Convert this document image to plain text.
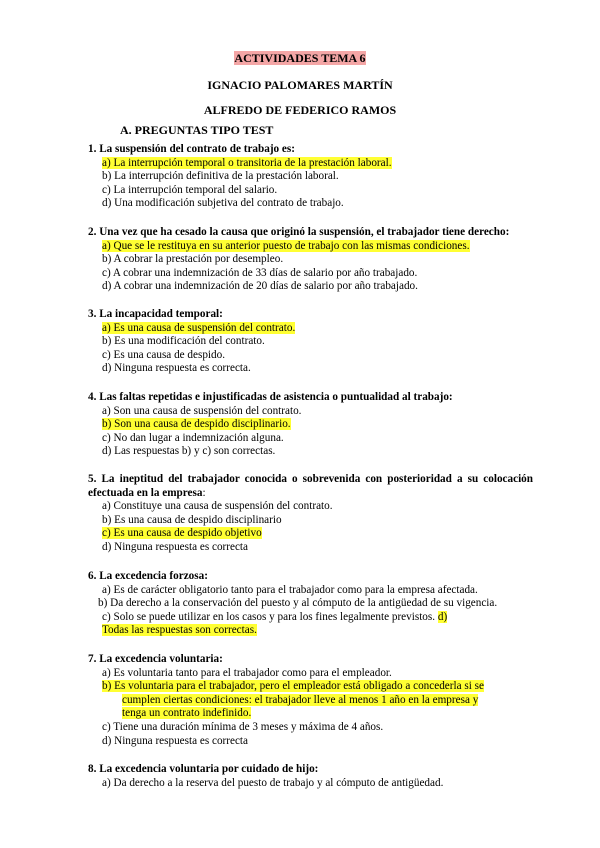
ACTIVIDADES TEMA 6
IGNACIO PALOMARES MARTÍN
ALFREDO DE FEDERICO RAMOS
A. PREGUNTAS TIPO TEST
1. La suspensión del contrato de trabajo es:
a) La interrupción temporal o transitoria de la prestación laboral.
b) La interrupción definitiva de la prestación laboral.
c) La interrupción temporal del salario.
d) Una modificación subjetiva del contrato de trabajo.
2. Una vez que ha cesado la causa que originó la suspensión, el trabajador tiene derecho:
a) Que se le restituya en su anterior puesto de trabajo con las mismas condiciones.
b) A cobrar la prestación por desempleo.
c) A cobrar una indemnización de 33 días de salario por año trabajado.
d) A cobrar una indemnización de 20 días de salario por año trabajado.
3. La incapacidad temporal:
a) Es una causa de suspensión del contrato.
b) Es una modificación del contrato.
c) Es una causa de despido.
d) Ninguna respuesta es correcta.
4. Las faltas repetidas e injustificadas de asistencia o puntualidad al trabajo:
a) Son una causa de suspensión del contrato.
b) Son una causa de despido disciplinario.
c) No dan lugar a indemnización alguna.
d) Las respuestas b) y c) son correctas.
5. La ineptitud del trabajador conocida o sobrevenida con posterioridad a su colocación efectuada en la empresa:
a) Constituye una causa de suspensión del contrato.
b) Es una causa de despido disciplinario
c) Es una causa de despido objetivo
d) Ninguna respuesta es correcta
6. La excedencia forzosa:
a) Es de carácter obligatorio tanto para el trabajador como para la empresa afectada.
b) Da derecho a la conservación del puesto y al cómputo de la antigüedad de su vigencia.
c) Solo se puede utilizar en los casos y para los fines legalmente previstos. d)
Todas las respuestas son correctas.
7. La excedencia voluntaria:
a) Es voluntaria tanto para el trabajador como para el empleador.
b) Es voluntaria para el trabajador, pero el empleador está obligado a concederla si se
cumplen ciertas condiciones: el trabajador lleve al menos 1 año en la empresa y
tenga un contrato indefinido.
c) Tiene una duración mínima de 3 meses y máxima de 4 años.
d) Ninguna respuesta es correcta
8. La excedencia voluntaria por cuidado de hijo:
a) Da derecho a la reserva del puesto de trabajo y al cómputo de antigüedad.
